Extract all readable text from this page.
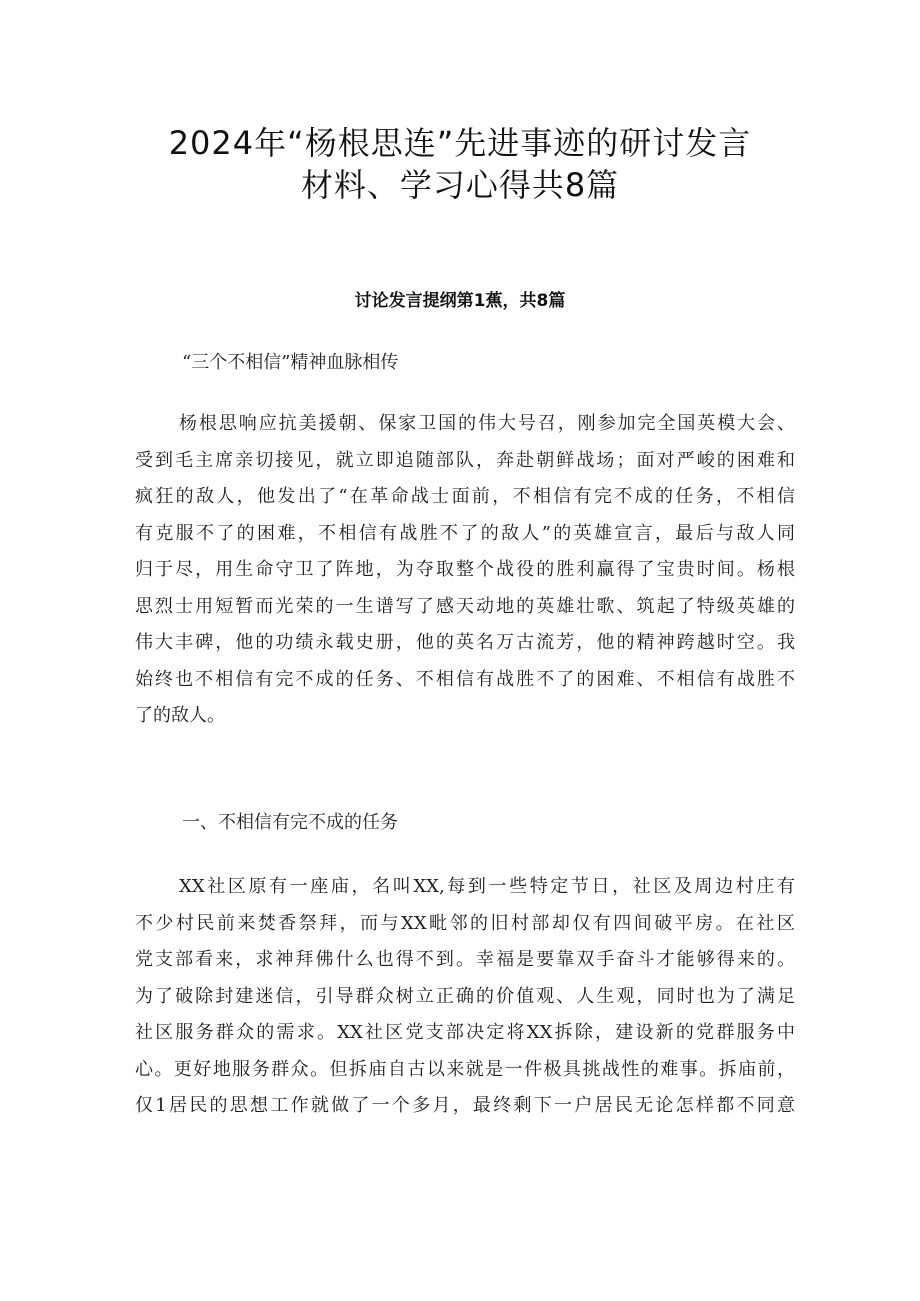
2024年“杨根思连”先进事迹的研讨发言
材料、学习心得共8篇
讨论发言提纲第1蕉，共8篇

“三个不相信”精神血脉相传

杨根思响应抗美援朝、保家卫国的伟大号召，刚参加完全国英模大会、
受到毛主席亲切接见，就立即追随部队，奔赴朝鲜战场；面对严峻的困难和
疯狂的敌人，他发出了“在革命战士面前，不相信有完不成的任务，不相信
有克服不了的困难，不相信有战胜不了的敌人”的英雄宣言，最后与敌人同
归于尽，用生命守卫了阵地，为夺取整个战役的胜利赢得了宝贵时间。杨根
思烈士用短暂而光荣的一生谱写了感天动地的英雄壮歌、筑起了特级英雄的
伟大丰碑，他的功绩永载史册，他的英名万古流芳，他的精神跨越时空。我
始终也不相信有完不成的任务、不相信有战胜不了的困难、不相信有战胜不
了的敌人。

一、不相信有完不成的任务

XX社区原有一座庙，名叫XX,每到一些特定节日，社区及周边村庄有
不少村民前来焚香祭拜，而与XX毗邻的旧村部却仅有四间破平房。在社区
党支部看来，求神拜佛什么也得不到。幸福是要靠双手奋斗才能够得来的。
为了破除封建迷信，引导群众树立正确的价值观、人生观，同时也为了满足
社区服务群众的需求。XX社区党支部决定将XX拆除，建设新的党群服务中
心。更好地服务群众。但拆庙自古以来就是一件极具挑战性的难事。拆庙前，
仅1居民的思想工作就做了一个多月，最终剩下一户居民无论怎样都不同意
